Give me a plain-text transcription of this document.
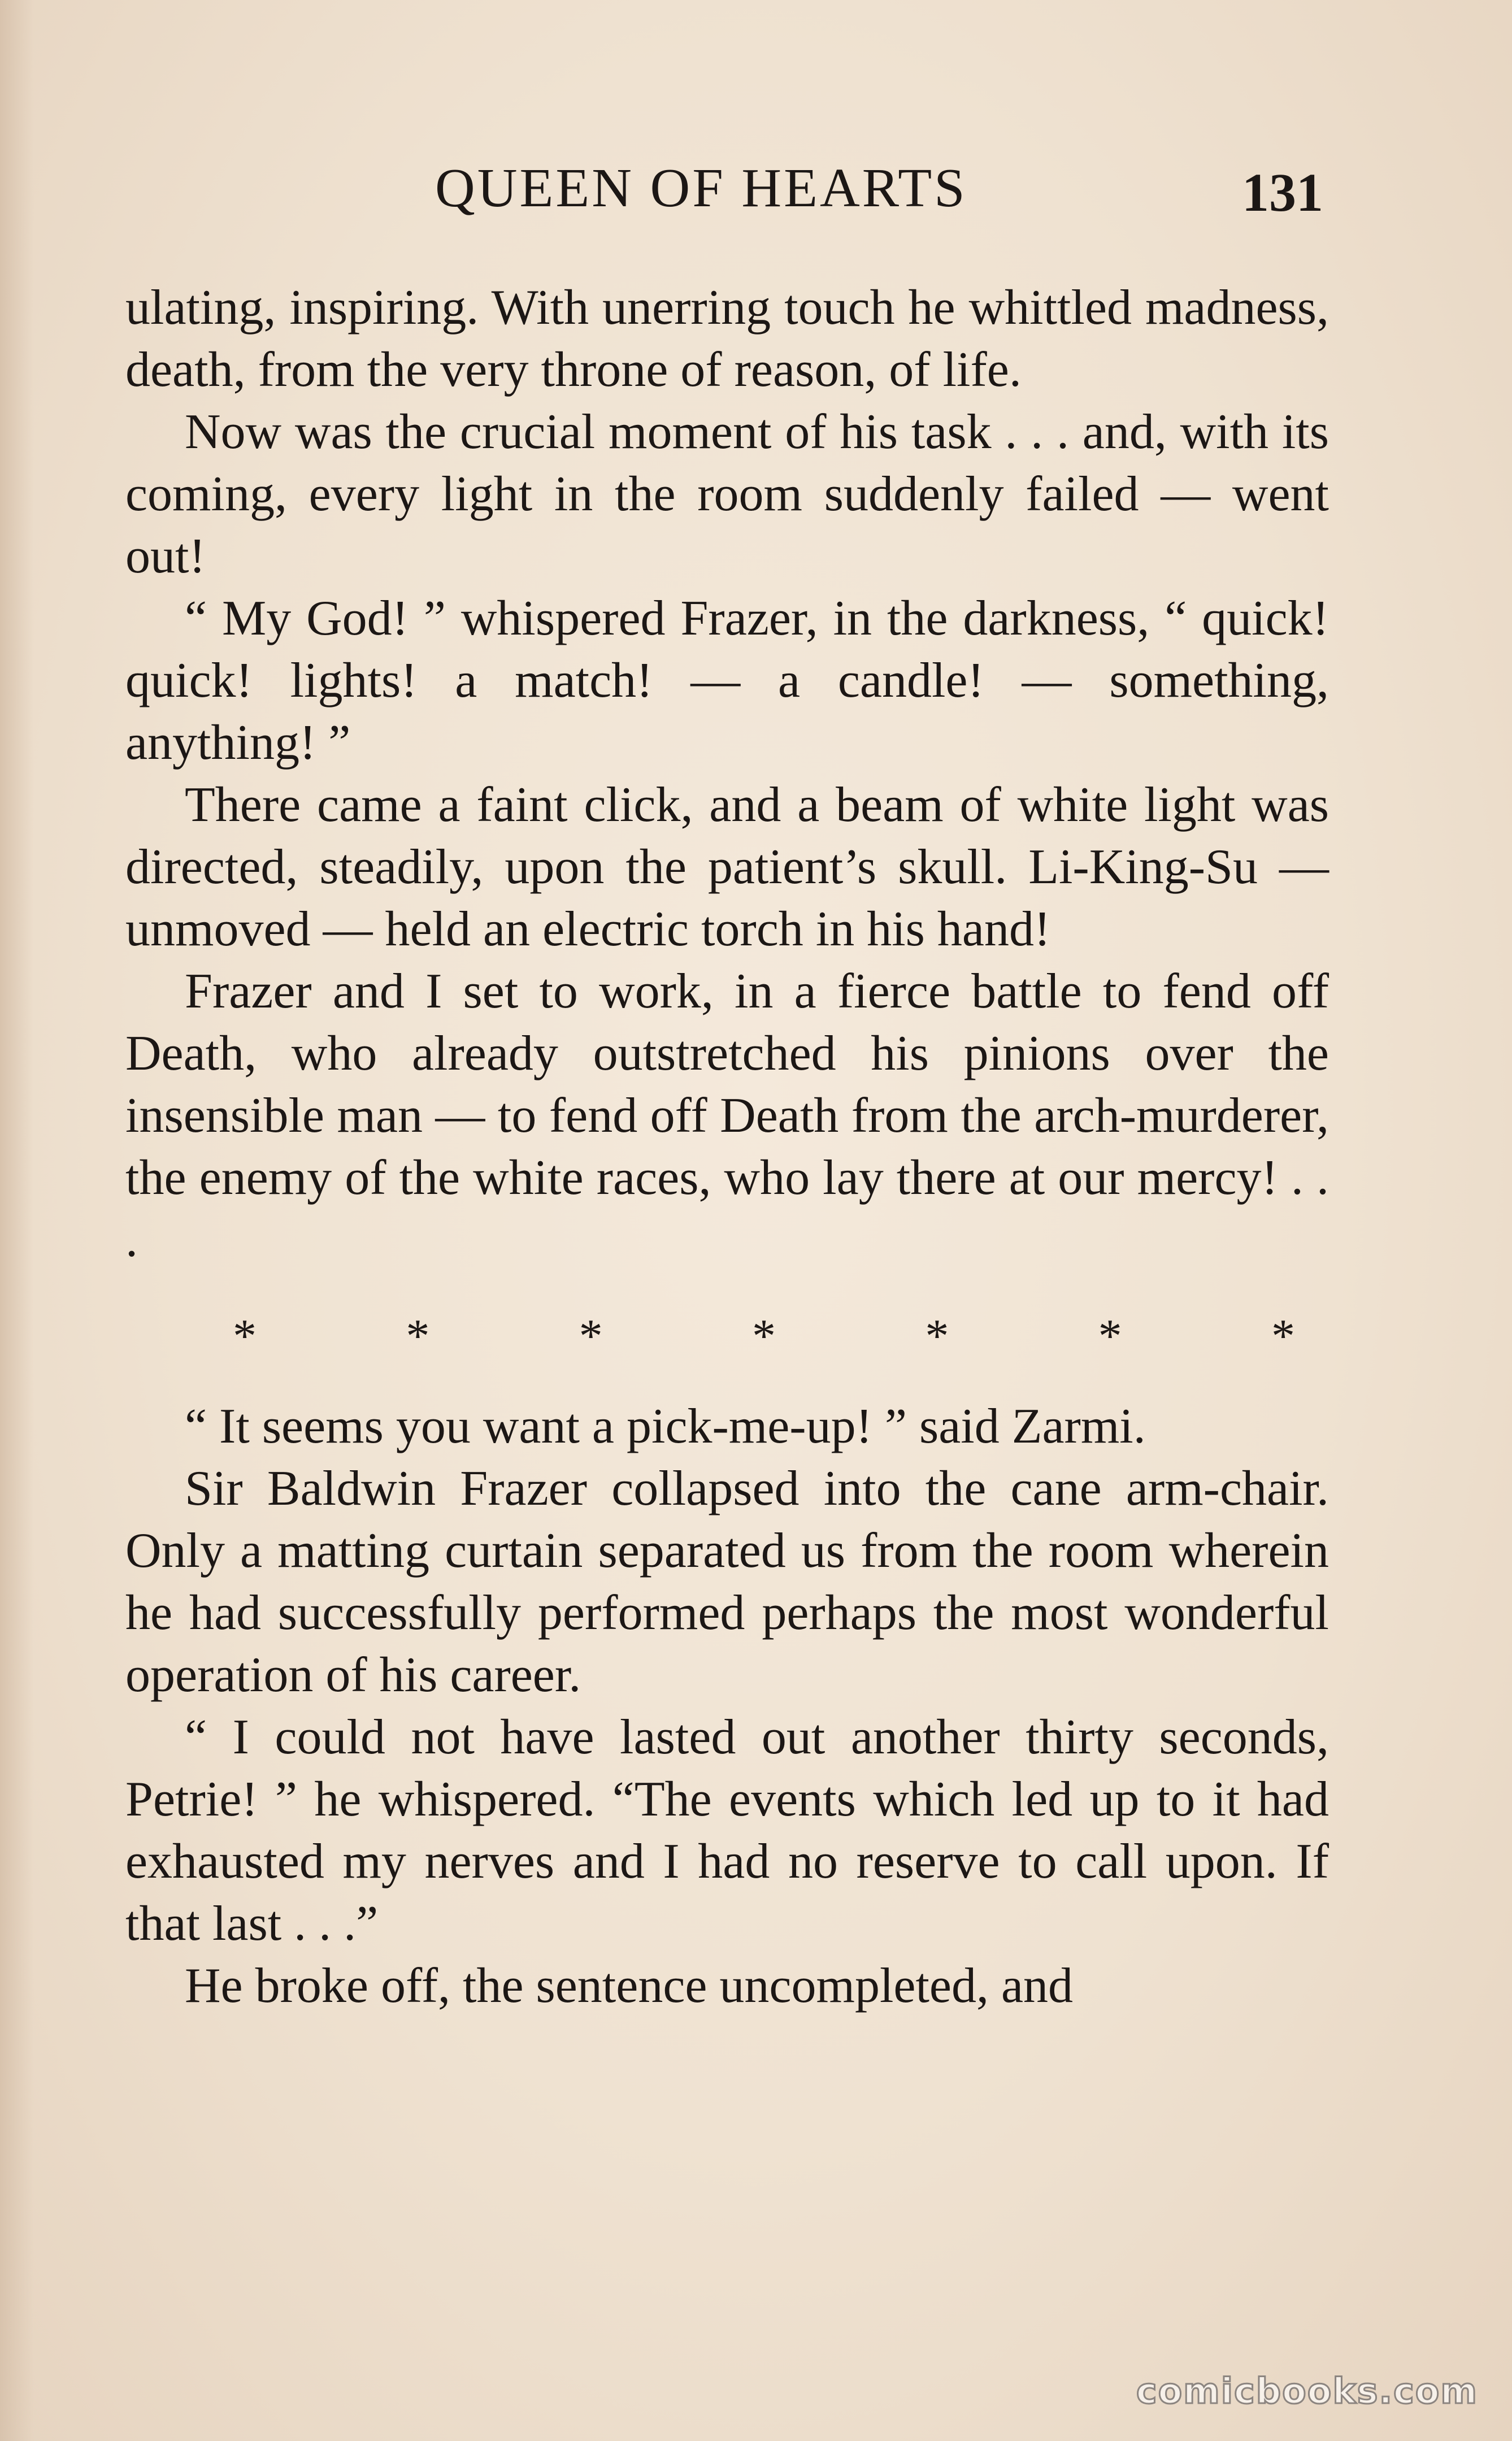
QUEEN OF HEARTS	131

ulating, inspiring. With unerring touch he whittled madness, death, from the very throne of reason, of life.

Now was the crucial moment of his task . . . and, with its coming, every light in the room suddenly failed — went out!

“ My God! ” whispered Frazer, in the darkness, “ quick! quick! lights! a match! — a candle! — something, anything! ”

There came a faint click, and a beam of white light was directed, steadily, upon the patient’s skull. Li-King-Su — unmoved — held an electric torch in his hand!

Frazer and I set to work, in a fierce battle to fend off Death, who already outstretched his pinions over the insensible man — to fend off Death from the arch-murderer, the enemy of the white races, who lay there at our mercy! . . .

*	*	*	*	*	*	*

“ It seems you want a pick-me-up! ” said Zarmi.

Sir Baldwin Frazer collapsed into the cane arm-chair. Only a matting curtain separated us from the room wherein he had successfully performed perhaps the most wonderful operation of his career.

“ I could not have lasted out another thirty seconds, Petrie! ” he whispered. “The events which led up to it had exhausted my nerves and I had no reserve to call upon. If that last . . .”

He broke off, the sentence uncompleted, and

comicbooks.com
